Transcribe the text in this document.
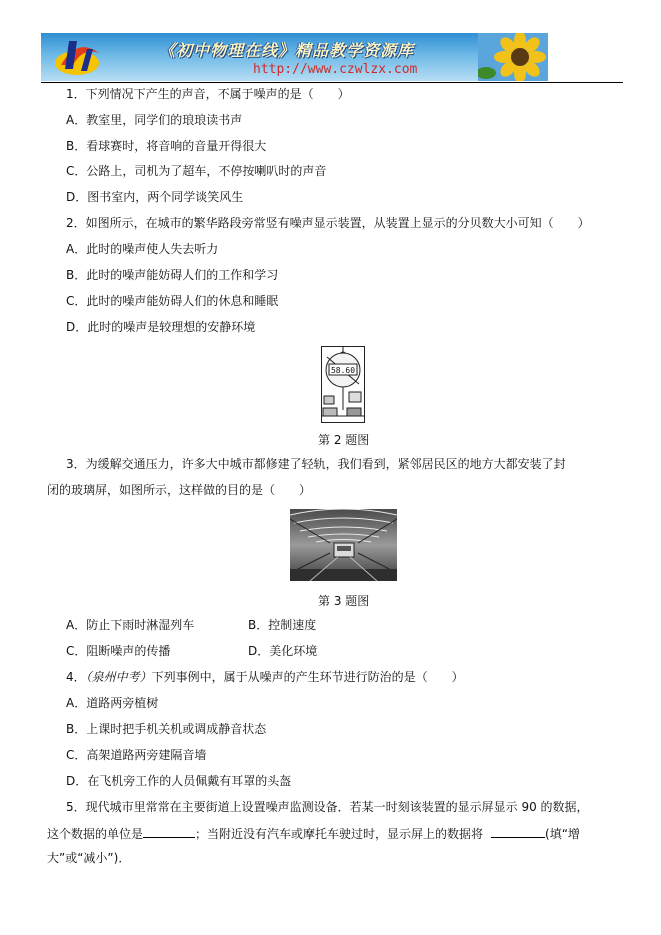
《初中物理在线》精品教学资源库
http://www.czwlzx.com
1．下列情况下产生的声音，不属于噪声的是（　　）
A．教室里，同学们的琅琅读书声
B．看球赛时，将音响的音量开得很大
C．公路上，司机为了超车，不停按喇叭时的声音
D．图书室内，两个同学谈笑风生
2．如图所示，在城市的繁华路段旁常竖有噪声显示装置，从装置上显示的分贝数大小可知（　　）
A．此时的噪声使人失去听力
B．此时的噪声能妨碍人们的工作和学习
C．此时的噪声能妨碍人们的休息和睡眠
D．此时的噪声是较理想的安静环境
58.60
第 2 题图
3．为缓解交通压力，许多大中城市都修建了轻轨，我们看到，紧邻居民区的地方大都安装了封
闭的玻璃屏，如图所示，这样做的目的是（　　）
第 3 题图
A．防止下雨时淋湿列车	B．控制速度
C．阻断噪声的传播	D．美化环境
4．（泉州中考）下列事例中，属于从噪声的产生环节进行防治的是（　　）
A．道路两旁植树
B．上课时把手机关机或调成静音状态
C．高架道路两旁建隔音墙
D．在飞机旁工作的人员佩戴有耳罩的头盔
5．现代城市里常常在主要街道上设置噪声监测设备．若某一时刻该装置的显示屏显示 90 的数据，
这个数据的单位是	；当附近没有汽车或摩托车驶过时，显示屏上的数据将	(填“增
大”或“减小”)．
